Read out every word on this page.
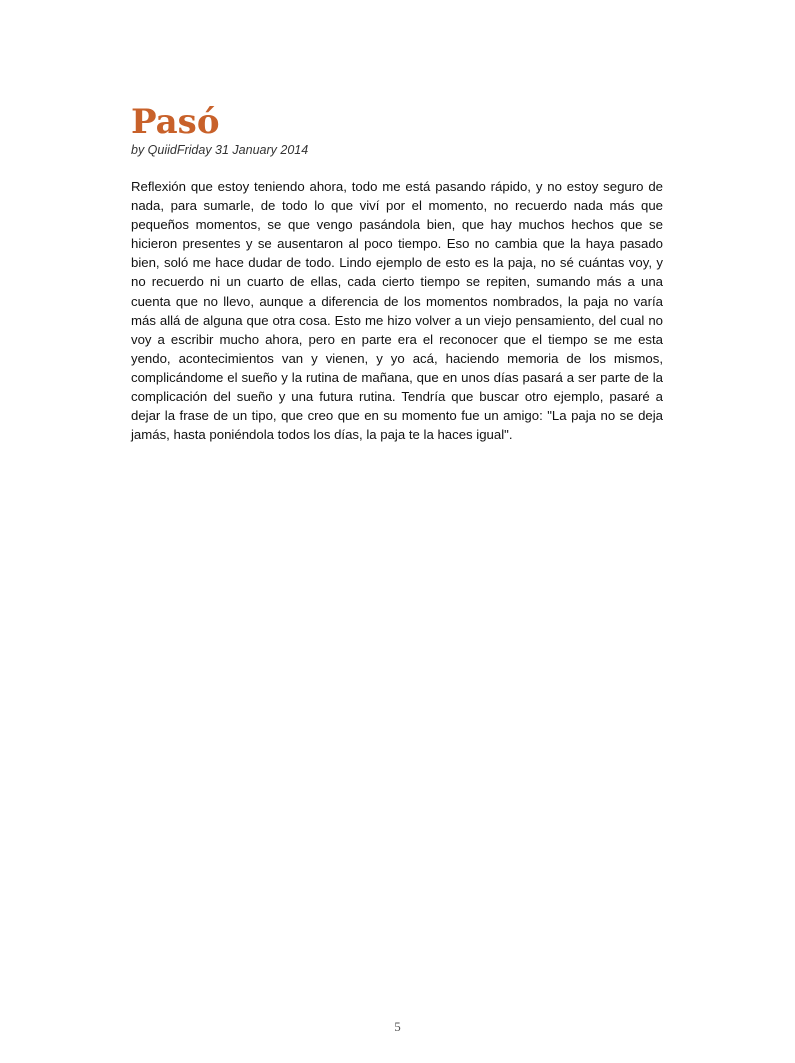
Pasó

by QuiidFriday 31 January 2014

Reflexión que estoy teniendo ahora, todo me está pasando rápido, y no estoy seguro de nada, para sumarle, de todo lo que viví por el momento, no recuerdo nada más que pequeños momentos, se que vengo pasándola bien, que hay muchos hechos que se hicieron presentes y se ausentaron al poco tiempo. Eso no cambia que la haya pasado bien, soló me hace dudar de todo. Lindo ejemplo de esto es la paja, no sé cuántas voy, y no recuerdo ni un cuarto de ellas, cada cierto tiempo se repiten, sumando más a una cuenta que no llevo, aunque a diferencia de los momentos nombrados, la paja no varía más allá de alguna que otra cosa. Esto me hizo volver a un viejo pensamiento, del cual no voy a escribir mucho ahora, pero en parte era el reconocer que el tiempo se me esta yendo, acontecimientos van y vienen, y yo acá, haciendo memoria de los mismos, complicándome el sueño y la rutina de mañana, que en unos días pasará a ser parte de la complicación del sueño y una futura rutina. Tendría que buscar otro ejemplo, pasaré a dejar la frase de un tipo, que creo que en su momento fue un amigo: "La paja no se deja jamás, hasta poniéndola todos los días, la paja te la haces igual".

5
